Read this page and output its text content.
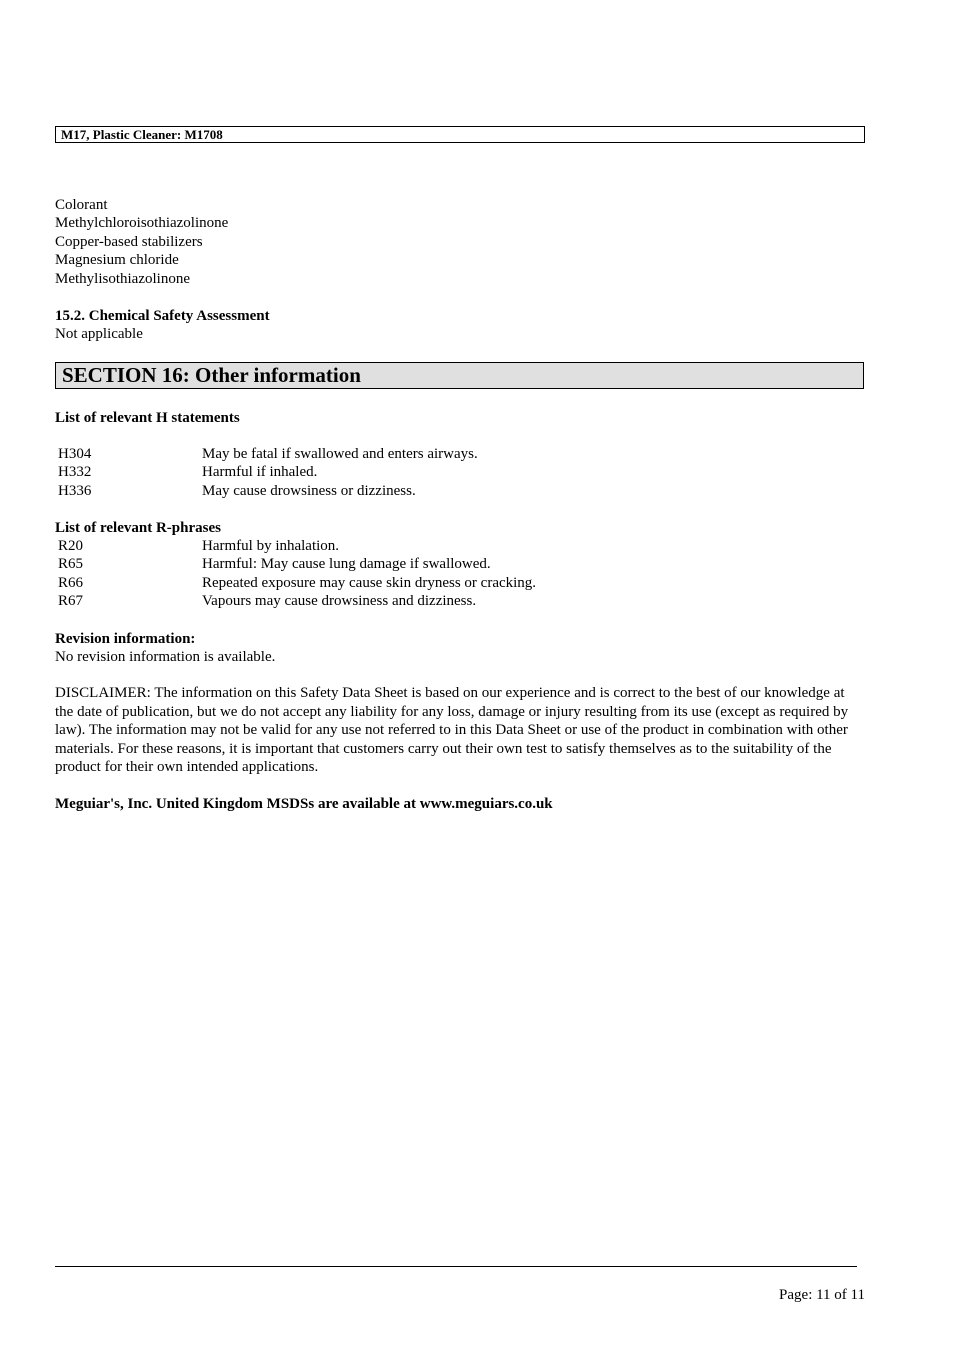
M17, Plastic Cleaner: M1708
Colorant
Methylchloroisothiazolinone
Copper-based stabilizers
Magnesium chloride
Methylisothiazolinone
15.2. Chemical Safety Assessment
Not applicable
SECTION 16: Other information
List of relevant H statements
H304	May be fatal if swallowed and enters airways.
H332	Harmful if inhaled.
H336	May cause drowsiness or dizziness.
List of relevant R-phrases
R20	Harmful by inhalation.
R65	Harmful: May cause lung damage if swallowed.
R66	Repeated exposure may cause skin dryness or cracking.
R67	Vapours may cause drowsiness and dizziness.
Revision information:
No revision information is available.
DISCLAIMER: The information on this Safety Data Sheet is based on our experience and is correct to the best of our knowledge at the date of publication, but we do not accept any liability for any loss, damage or injury resulting from its use (except as required by law). The information may not be valid for any use not referred to in this Data Sheet or use of the product in combination with other materials. For these reasons, it is important that customers carry out their own test to satisfy themselves as to the suitability of the product for their own intended applications.
Meguiar's, Inc. United Kingdom MSDSs are available at www.meguiars.co.uk
Page: 11 of 11
